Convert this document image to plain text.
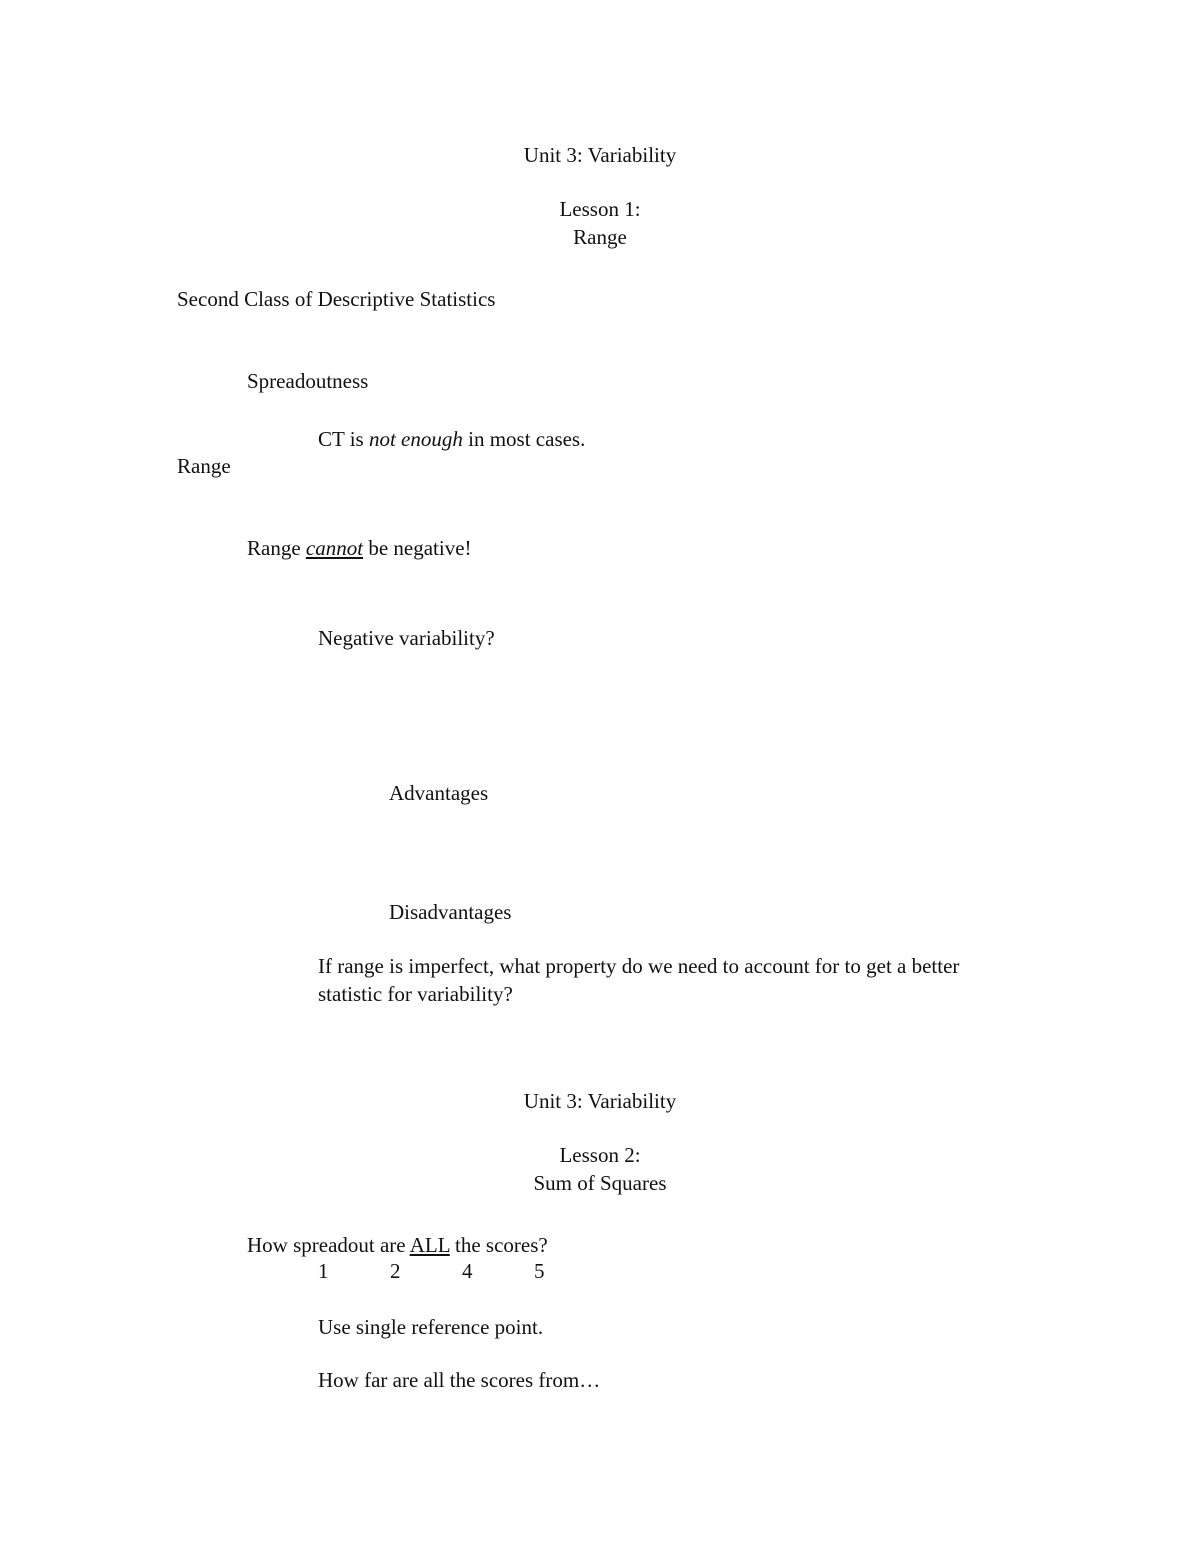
Unit 3: Variability
Lesson 1:
Range
Second Class of Descriptive Statistics
Spreadoutness
CT is not enough in most cases.
Range
Range cannot be negative!
Negative variability?
Advantages
Disadvantages
If range is imperfect, what property do we need to account for to get a better statistic for variability?
Unit 3: Variability
Lesson 2:
Sum of Squares
How spreadout are ALL the scores?
1	2	4	5
Use single reference point.
How far are all the scores from…
